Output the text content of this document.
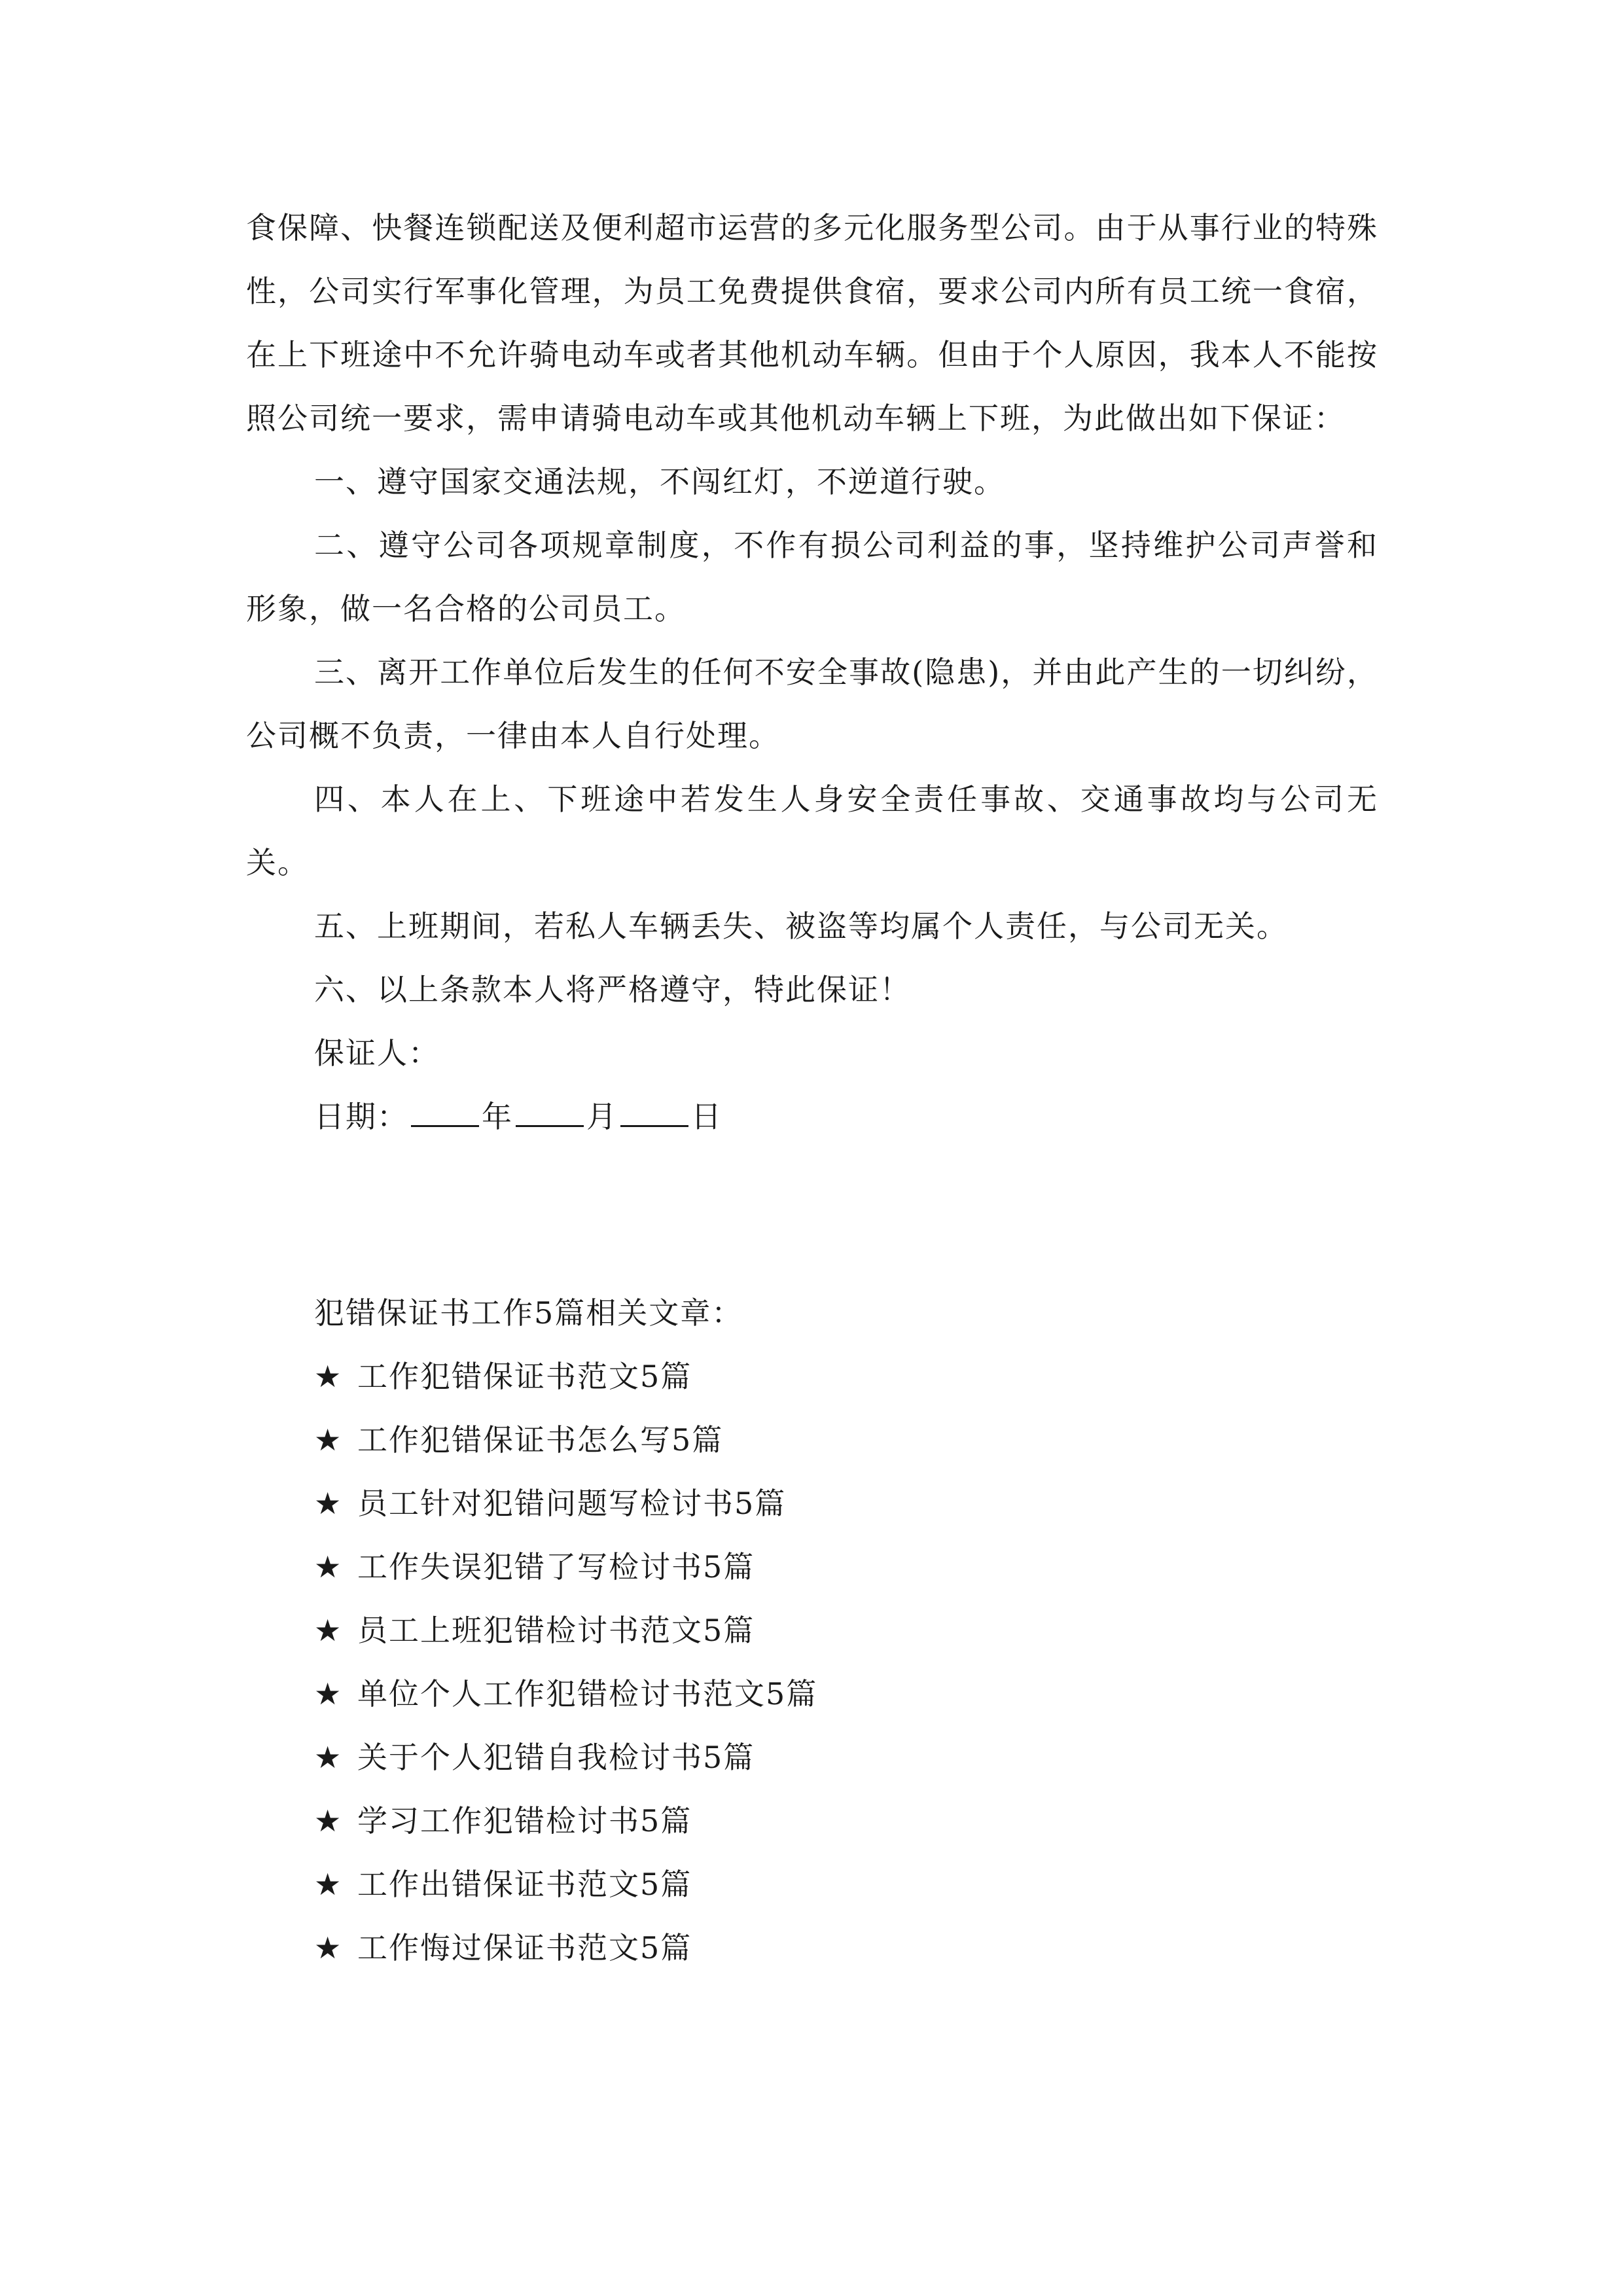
食保障、快餐连锁配送及便利超市运营的多元化服务型公司。由于从事行业的特殊性，公司实行军事化管理，为员工免费提供食宿，要求公司内所有员工统一食宿，在上下班途中不允许骑电动车或者其他机动车辆。但由于个人原因，我本人不能按照公司统一要求，需申请骑电动车或其他机动车辆上下班，为此做出如下保证：

一、遵守国家交通法规，不闯红灯，不逆道行驶。

二、遵守公司各项规章制度，不作有损公司利益的事，坚持维护公司声誉和形象，做一名合格的公司员工。

三、离开工作单位后发生的任何不安全事故(隐患)，并由此产生的一切纠纷，公司概不负责，一律由本人自行处理。

四、本人在上、下班途中若发生人身安全责任事故、交通事故均与公司无关。

五、上班期间，若私人车辆丢失、被盗等均属个人责任，与公司无关。

六、以上条款本人将严格遵守，特此保证！

保证人：

日期： 年 月 日

犯错保证书工作5篇相关文章：

★ 工作犯错保证书范文5篇

★ 工作犯错保证书怎么写5篇

★ 员工针对犯错问题写检讨书5篇

★ 工作失误犯错了写检讨书5篇

★ 员工上班犯错检讨书范文5篇

★ 单位个人工作犯错检讨书范文5篇

★ 关于个人犯错自我检讨书5篇

★ 学习工作犯错检讨书5篇

★ 工作出错保证书范文5篇

★ 工作悔过保证书范文5篇
